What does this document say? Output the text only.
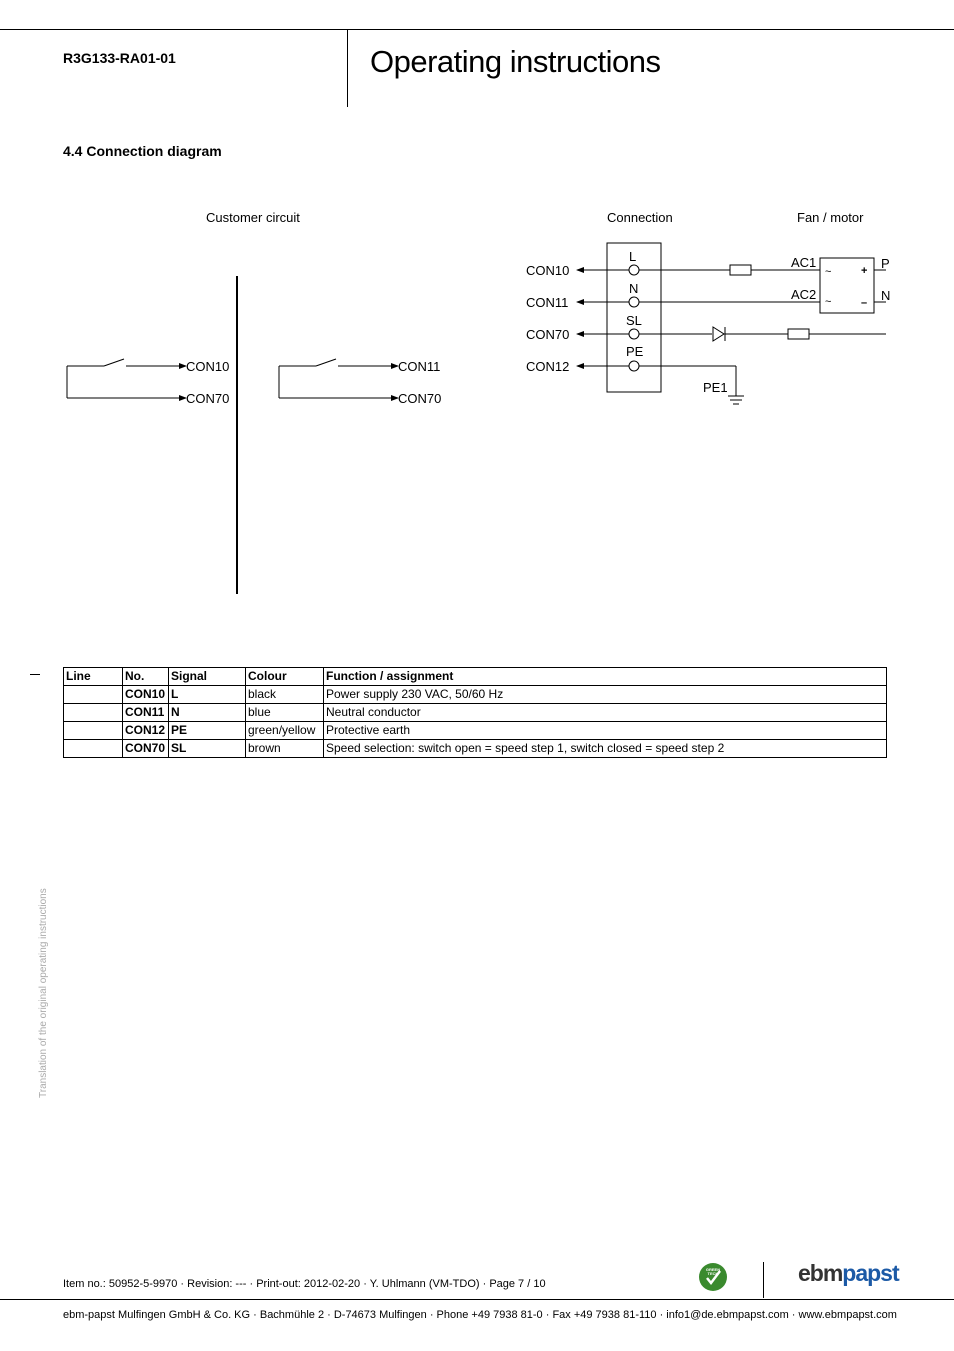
R3G133-RA01-01	Operating instructions
4.4 Connection diagram
Customer circuit	Connection	Fan / motor
L
N
SL
PE
CON10
CON11
CON70
CON12
PE1
AC1
AC2
~
~
+
–
P
N
CON10
CON70
CON11
CON70
Line	No.	Signal	Colour	Function / assignment
	CON10	L	black	Power supply 230 VAC, 50/60 Hz
	CON11	N	blue	Neutral conductor
	CON12	PE	green/yellow	Protective earth
	CON70	SL	brown	Speed selection: switch open = speed step 1, switch closed = speed step 2
Translation of the original operating instructions
Item no.: 50952-5-9970 · Revision: --- · Print-out: 2012-02-20 · Y. Uhlmann (VM-TDO) · Page 7 / 10
GREEN
TECH	ebmpapst
ebm-papst Mulfingen GmbH & Co. KG · Bachmühle 2 · D-74673 Mulfingen · Phone +49 7938 81-0 · Fax +49 7938 81-110 · info1@de.ebmpapst.com · www.ebmpapst.com
